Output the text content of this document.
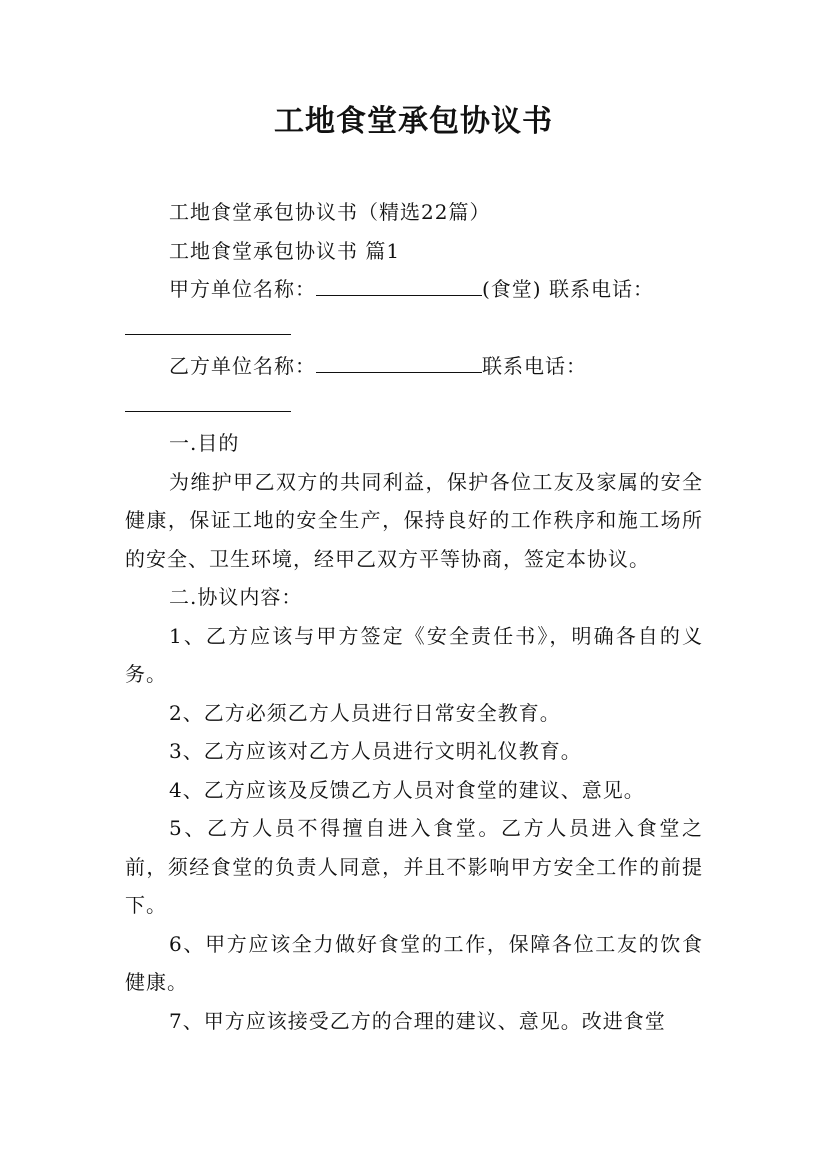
工地食堂承包协议书

工地食堂承包协议书（精选22篇）

工地食堂承包协议书 篇1

甲方单位名称：	(食堂) 联系电话：

乙方单位名称：	联系电话：

一.目的

为维护甲乙双方的共同利益，保护各位工友及家属的安全健康，保证工地的安全生产，保持良好的工作秩序和施工场所的安全、卫生环境，经甲乙双方平等协商，签定本协议。

二.协议内容：

1、乙方应该与甲方签定《安全责任书》，明确各自的义务。

2、乙方必须乙方人员进行日常安全教育。

3、乙方应该对乙方人员进行文明礼仪教育。

4、乙方应该及反馈乙方人员对食堂的建议、意见。

5、乙方人员不得擅自进入食堂。乙方人员进入食堂之前，须经食堂的负责人同意，并且不影响甲方安全工作的前提下。

6、甲方应该全力做好食堂的工作，保障各位工友的饮食健康。

7、甲方应该接受乙方的合理的建议、意见。改进食堂
